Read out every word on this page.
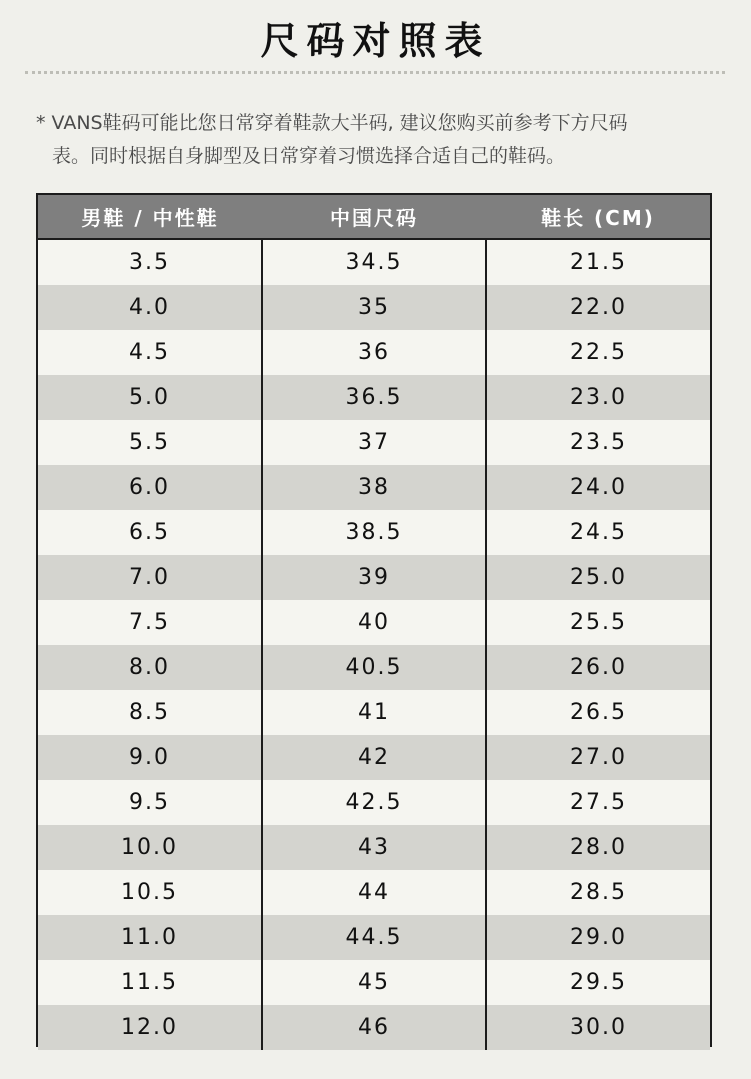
尺码对照表
* VANS鞋码可能比您日常穿着鞋款大半码, 建议您购买前参考下方尺码
表。同时根据自身脚型及日常穿着习惯选择合适自己的鞋码。
男鞋 / 中性鞋	中国尺码	鞋长 (CM)
3.5	34.5	21.5
4.0	35	22.0
4.5	36	22.5
5.0	36.5	23.0
5.5	37	23.5
6.0	38	24.0
6.5	38.5	24.5
7.0	39	25.0
7.5	40	25.5
8.0	40.5	26.0
8.5	41	26.5
9.0	42	27.0
9.5	42.5	27.5
10.0	43	28.0
10.5	44	28.5
11.0	44.5	29.0
11.5	45	29.5
12.0	46	30.0
